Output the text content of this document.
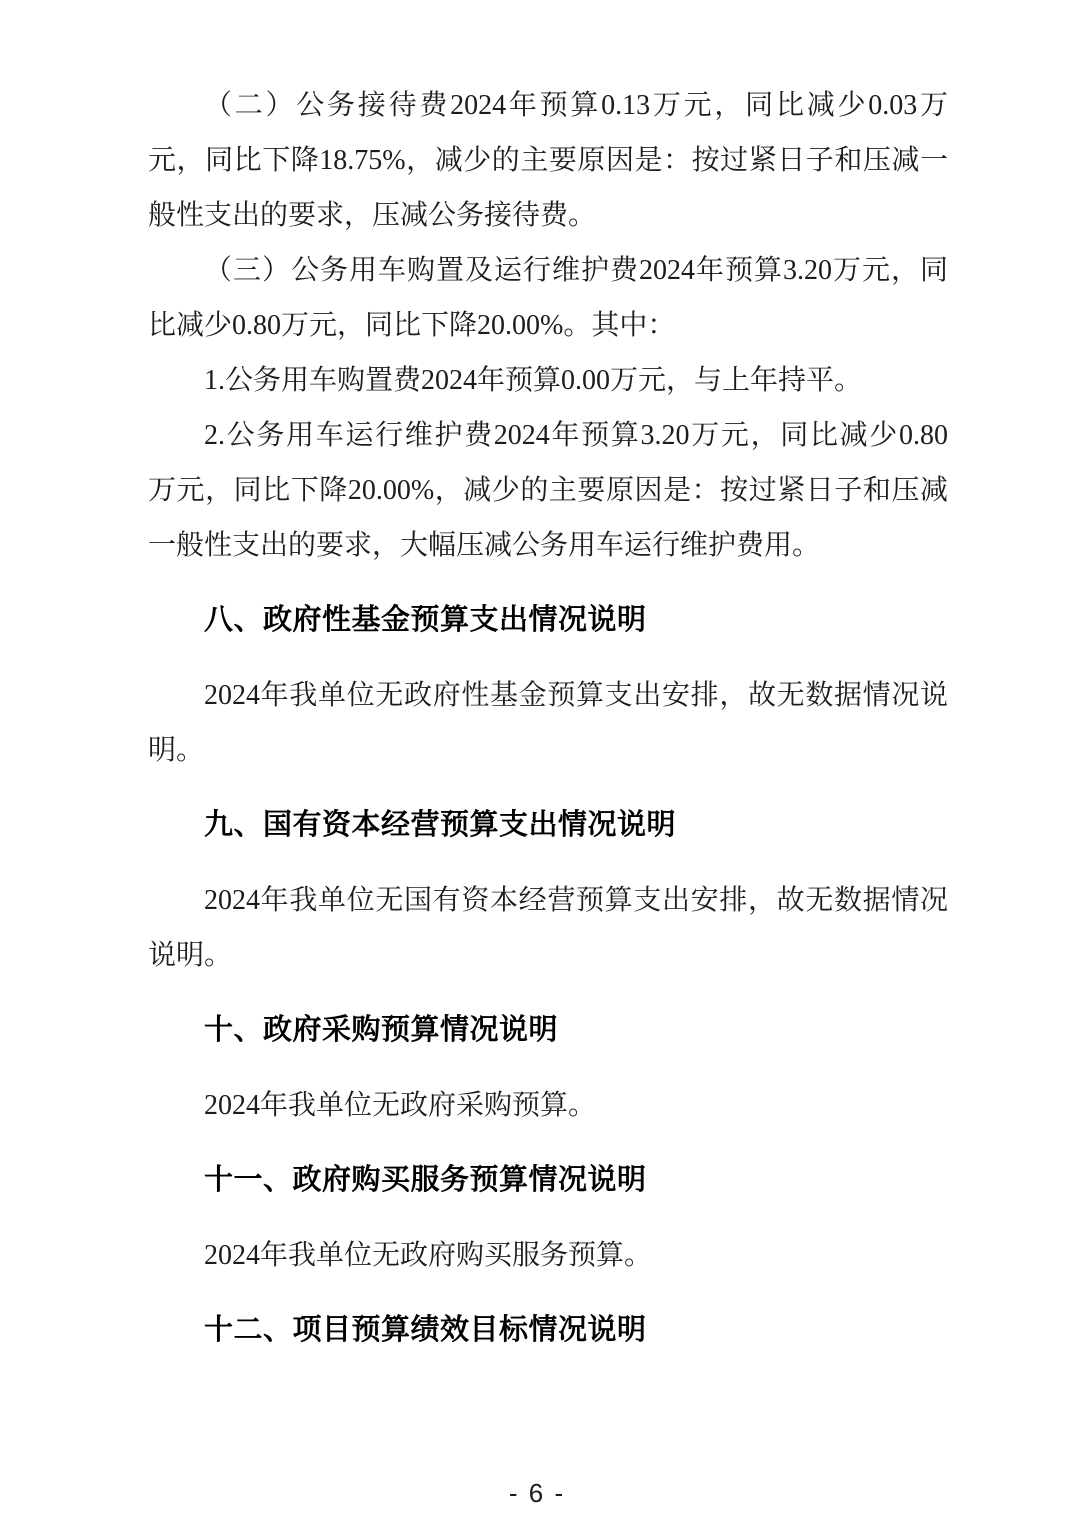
（二）公务接待费2024年预算0.13万元，同比减少0.03万

元，同比下降18.75%，减少的主要原因是：按过紧日子和压减一

般性支出的要求，压减公务接待费。

（三）公务用车购置及运行维护费2024年预算3.20万元，同

比减少0.80万元，同比下降20.00%。其中：

1.公务用车购置费2024年预算0.00万元，与上年持平。

2.公务用车运行维护费2024年预算3.20万元，同比减少0.80

万元，同比下降20.00%，减少的主要原因是：按过紧日子和压减

一般性支出的要求，大幅压减公务用车运行维护费用。

八、政府性基金预算支出情况说明

2024年我单位无政府性基金预算支出安排，故无数据情况说

明。

九、国有资本经营预算支出情况说明

2024年我单位无国有资本经营预算支出安排，故无数据情况

说明。

十、政府采购预算情况说明

2024年我单位无政府采购预算。

十一、政府购买服务预算情况说明

2024年我单位无政府购买服务预算。

十二、项目预算绩效目标情况说明
- 6 -
